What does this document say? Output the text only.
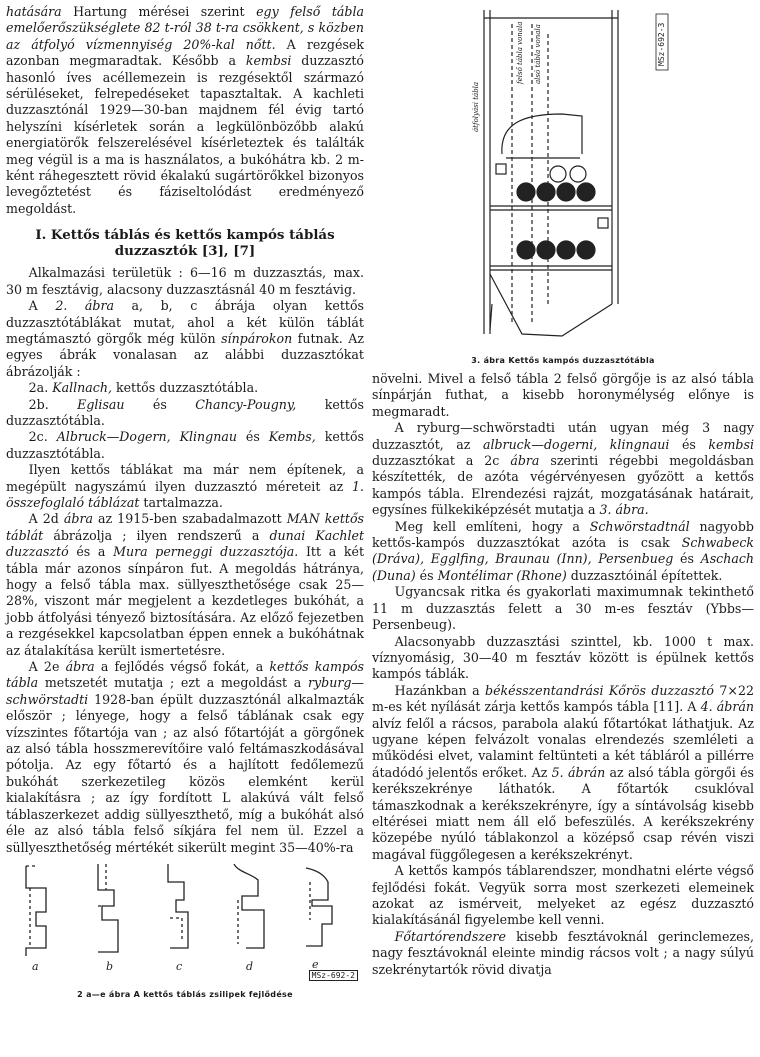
hatására Hartung mérései szerint egy felső tábla emelőerőszükséglete 82 t-ról 38 t-ra csökkent, s közben az átfolyó vízmennyiség 20%-kal nőtt. A rezgések azonban megmaradtak. Később a kembsi duzzasztó hasonló íves acéllemezein is rezgésektől származó sérüléseket, felrepedéseket tapasztaltak. A kachleti duzzasztónál 1929—30-ban majdnem fél évig tartó helyszíni kísérletek során a legkülönbözőbb alakú energiatörők felszerelésével kísérleteztek és találták meg végül is a ma is használatos, a bukóhátra kb. 2 m-ként ráhegesztett rövid ékalakú sugártörőkkel bizonyos levegőztetést és fáziseltolódást eredményező megoldást.

I. Kettős táblás és kettős kampós táblás duzzasztók [3], [7]

Alkalmazási területük : 6—16 m duzzasztás, max. 30 m fesztávig, alacsony duzzasztásnál 40 m fesztávig.

A 2. ábra a, b, c ábrája olyan kettős duzzasztótáblákat mutat, ahol a két külön táblát megtámasztó görgők még külön sínpárokon futnak. Az egyes ábrák vonalasan az alábbi duzzasztókat ábrázolják :

2a. Kallnach, kettős duzzasztótábla.

2b. Eglisau és Chancy-Pougny, kettős duzzasztótábla.

2c. Albruck—Dogern, Klingnau és Kembs, kettős duzzasztótábla.

Ilyen kettős táblákat ma már nem építenek, a megépült nagyszámú ilyen duzzasztó méreteit az 1. összefoglaló táblázat tartalmazza.

A 2d ábra az 1915-ben szabadalmazott MAN kettős táblát ábrázolja ; ilyen rendszerű a dunai Kachlet duzzasztó és a Mura perneggi duzzasztója. Itt a két tábla már azonos sínpáron fut. A megoldás hátránya, hogy a felső tábla max. süllyeszthetősége csak 25—28%, viszont már megjelent a kezdetleges bukóhát, a jobb átfolyási tényező biztosítására. Az előző fejezetben a rezgésekkel kapcsolatban éppen ennek a bukóhátnak az átalakítása került ismertetésre.

A 2e ábra a fejlődés végső fokát, a kettős kampós tábla metszetét mutatja ; ezt a megoldást a ryburg—schwörstadti 1928-ban épült duzzasztónál alkalmazták először ; lényege, hogy a felső táblának csak egy vízszintes főtartója van ; az alsó főtartóját a görgőnek az alsó tábla hosszmerevítőire való feltámaszkodásával pótolja. Az egy főtartó és a hajlított fedőlemezű bukóhát szerkezetileg közös elemként kerül kialakításra ; az így fordított L alakúvá vált felső táblaszerkezet addig süllyeszthető, míg a bukóhát alsó éle az alsó tábla felső síkjára fel nem ül. Ezzel a süllyeszthetőség mértékét sikerült megint 35—40%-ra

a	b	c	d	e
MSz-692-2
2 a—e ábra A kettős táblás zsilipek fejlődése
felső tábla vonala alsó tábla vonala
átfolyási tábla
MSz-692-3
3. ábra Kettős kampós duzzasztótábla

növelni. Mivel a felső tábla 2 felső görgője is az alsó tábla sínpárján futhat, a kisebb horonymélység előnye is megmaradt.

A ryburg—schwörstadti után ugyan még 3 nagy duzzasztót, az albruck—dogerni, klingnaui és kembsi duzzasztókat a 2c ábra szerinti régebbi megoldásban készítették, de azóta végérvényesen győzött a kettős kampós tábla. Elrendezési rajzát, mozgatásának határait, egysínes fülkekiképzését mutatja a 3. ábra.

Meg kell említeni, hogy a Schwörstadtnál nagyobb kettős-kampós duzzasztókat azóta is csak Schwabeck (Dráva), Egglfing, Braunau (Inn), Persenbueg és Aschach (Duna) és Montélimar (Rhone) duzzasztóinál építettek.

Ugyancsak ritka és gyakorlati maximumnak tekinthető 11 m duzzasztás felett a 30 m-es fesztáv (Ybbs—Persenbeug).

Alacsonyabb duzzasztási szinttel, kb. 1000 t max. víznyomásig, 30—40 m fesztáv között is épülnek kettős kampós táblák.

Hazánkban a békésszentandrási Kőrös duzzasztó 7×22 m-es két nyílását zárja kettős kampós tábla [11]. A 4. ábrán alvíz felől a rácsos, parabola alakú főtartókat láthatjuk. Az ugyane képen felvázolt vonalas elrendezés szemléleti a működési elvet, valamint feltünteti a két tábláról a pillérre átadódó jelentős erőket. Az 5. ábrán az alsó tábla görgői és kerékszekrénye láthatók. A főtartók csuklóval támaszkodnak a kerékszekrényre, így a síntávolság kisebb eltérései miatt nem áll elő befeszülés. A kerékszekrény közepébe nyúló táblakonzol a középső csap révén viszi magával függőlegesen a kerékszekrényt.

A kettős kampós táblarendszer, mondhatni elérte végső fejlődési fokát. Vegyük sorra most szerkezeti elemeinek azokat az ismérveit, melyeket az egész duzzasztó kialakításánál figyelembe kell venni.

Főtartórendszere kisebb fesztávoknál gerinclemezes, nagy fesztávoknál eleinte mindig rácsos volt ; a nagy súlyú szekrénytartók rövid divatja
